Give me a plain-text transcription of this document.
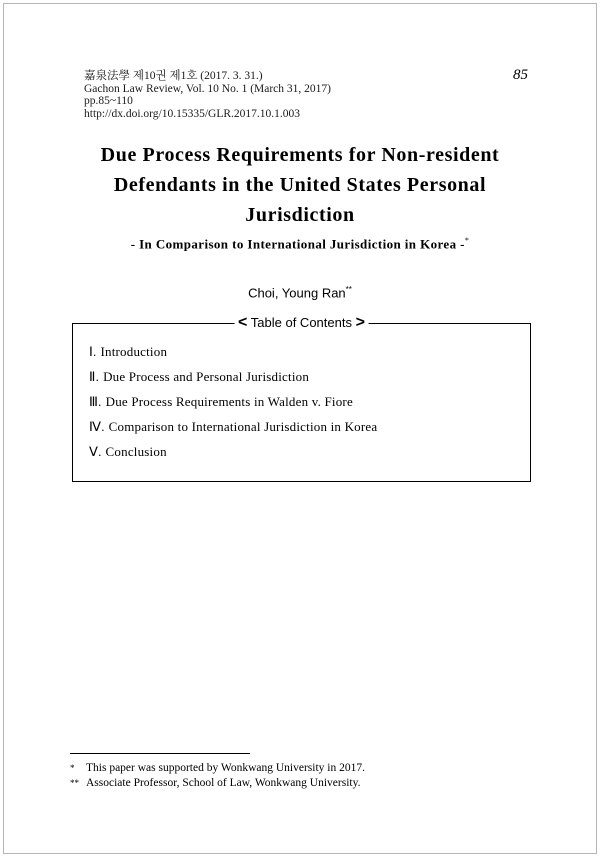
嘉泉法學 제10권 제1호 (2017. 3. 31.)
Gachon Law Review, Vol. 10 No. 1 (March 31, 2017)
pp.85~110
http://dx.doi.org/10.15335/GLR.2017.10.1.003
85
Due Process Requirements for Non-resident
Defendants in the United States Personal
Jurisdiction
- In Comparison to International Jurisdiction in Korea -*
Choi, Young Ran**
< Table of Contents >
Ⅰ. Introduction
Ⅱ. Due Process and Personal Jurisdiction
Ⅲ. Due Process Requirements in Walden v. Fiore
Ⅳ. Comparison to International Jurisdiction in Korea
Ⅴ. Conclusion
* This paper was supported by Wonkwang University in 2017.
** Associate Professor, School of Law, Wonkwang University.
